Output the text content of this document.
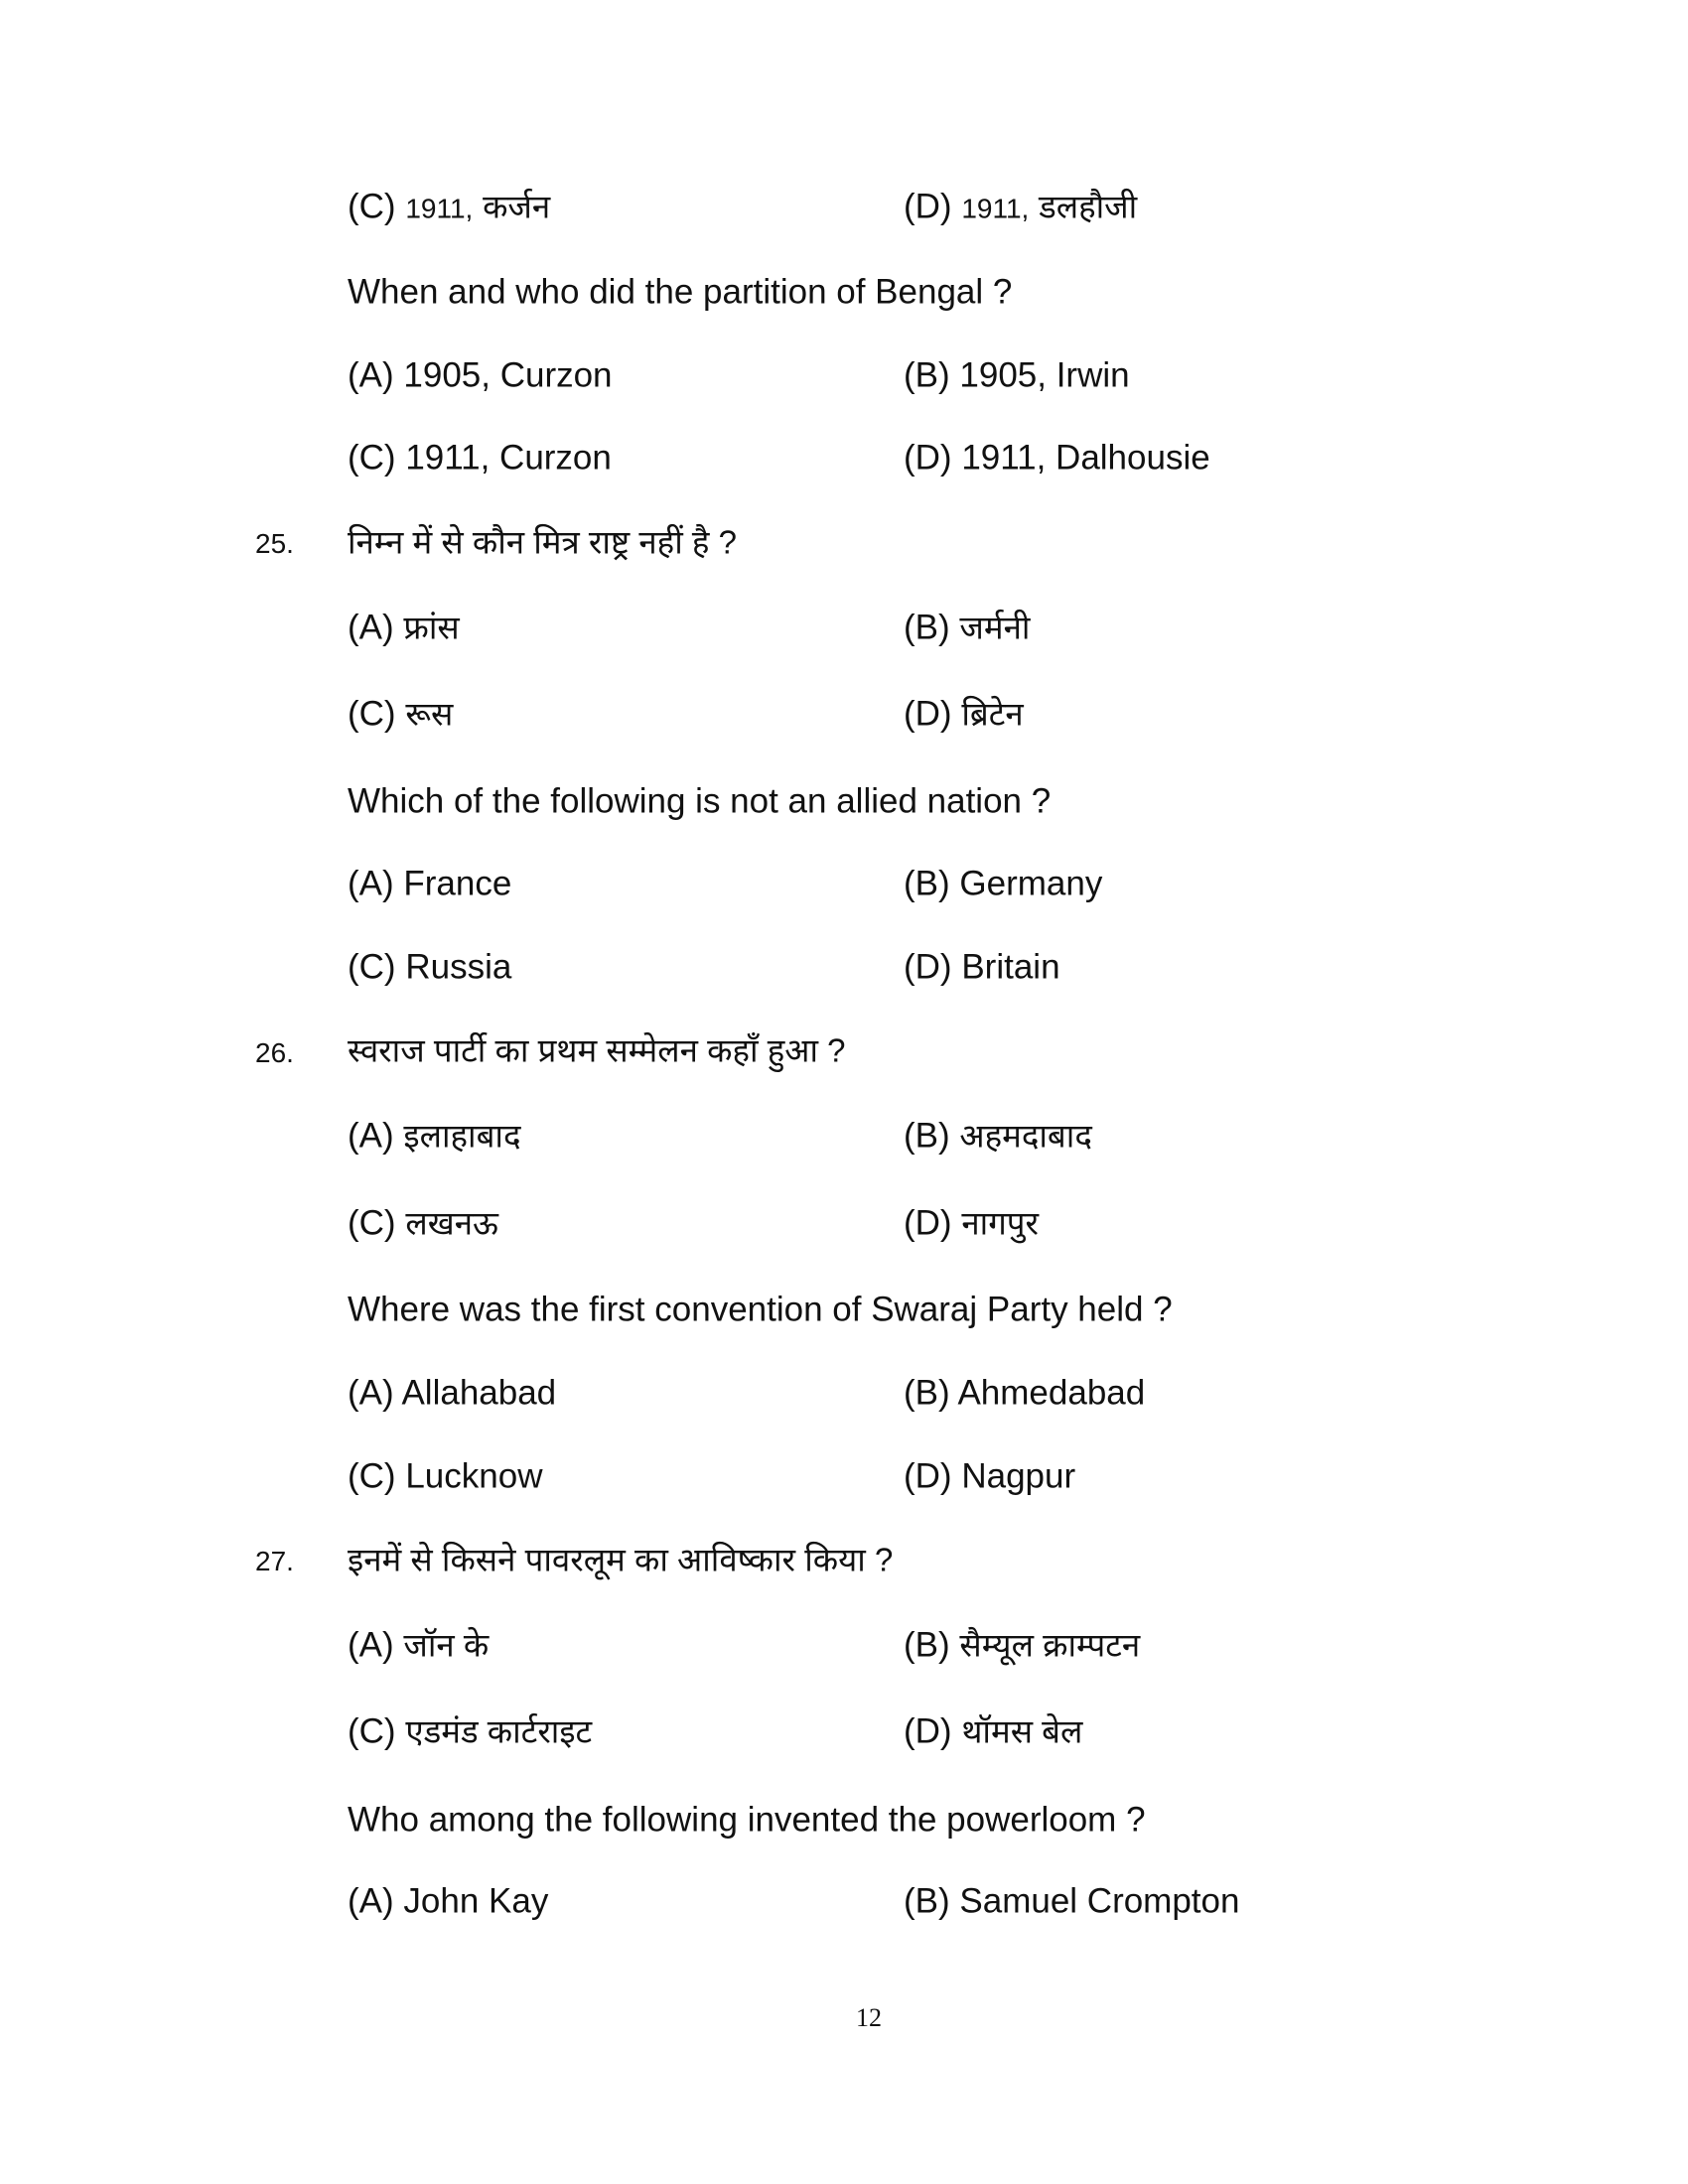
(C) 1911, कर्जन	(D) 1911, डलहौजी
When and who did the partition of Bengal ?
(A) 1905, Curzon	(B) 1905, Irwin
(C) 1911, Curzon	(D) 1911, Dalhousie
25. निम्न में से कौन मित्र राष्ट्र नहीं है ?
(A) फ्रांस	(B) जर्मनी
(C) रूस	(D) ब्रिटेन
Which of the following is not an allied nation ?
(A) France	(B) Germany
(C) Russia	(D) Britain
26. स्वराज पार्टी का प्रथम सम्मेलन कहाँ हुआ ?
(A) इलाहाबाद	(B) अहमदाबाद
(C) लखनऊ	(D) नागपुर
Where was the first convention of Swaraj Party held ?
(A) Allahabad	(B) Ahmedabad
(C) Lucknow	(D) Nagpur
27. इनमें से किसने पावरलूम का आविष्कार किया ?
(A) जॉन के	(B) सैम्यूल क्राम्पटन
(C) एडमंड कार्टराइट	(D) थॉमस बेल
Who among the following invented the powerloom ?
(A) John Kay	(B) Samuel Crompton
12
